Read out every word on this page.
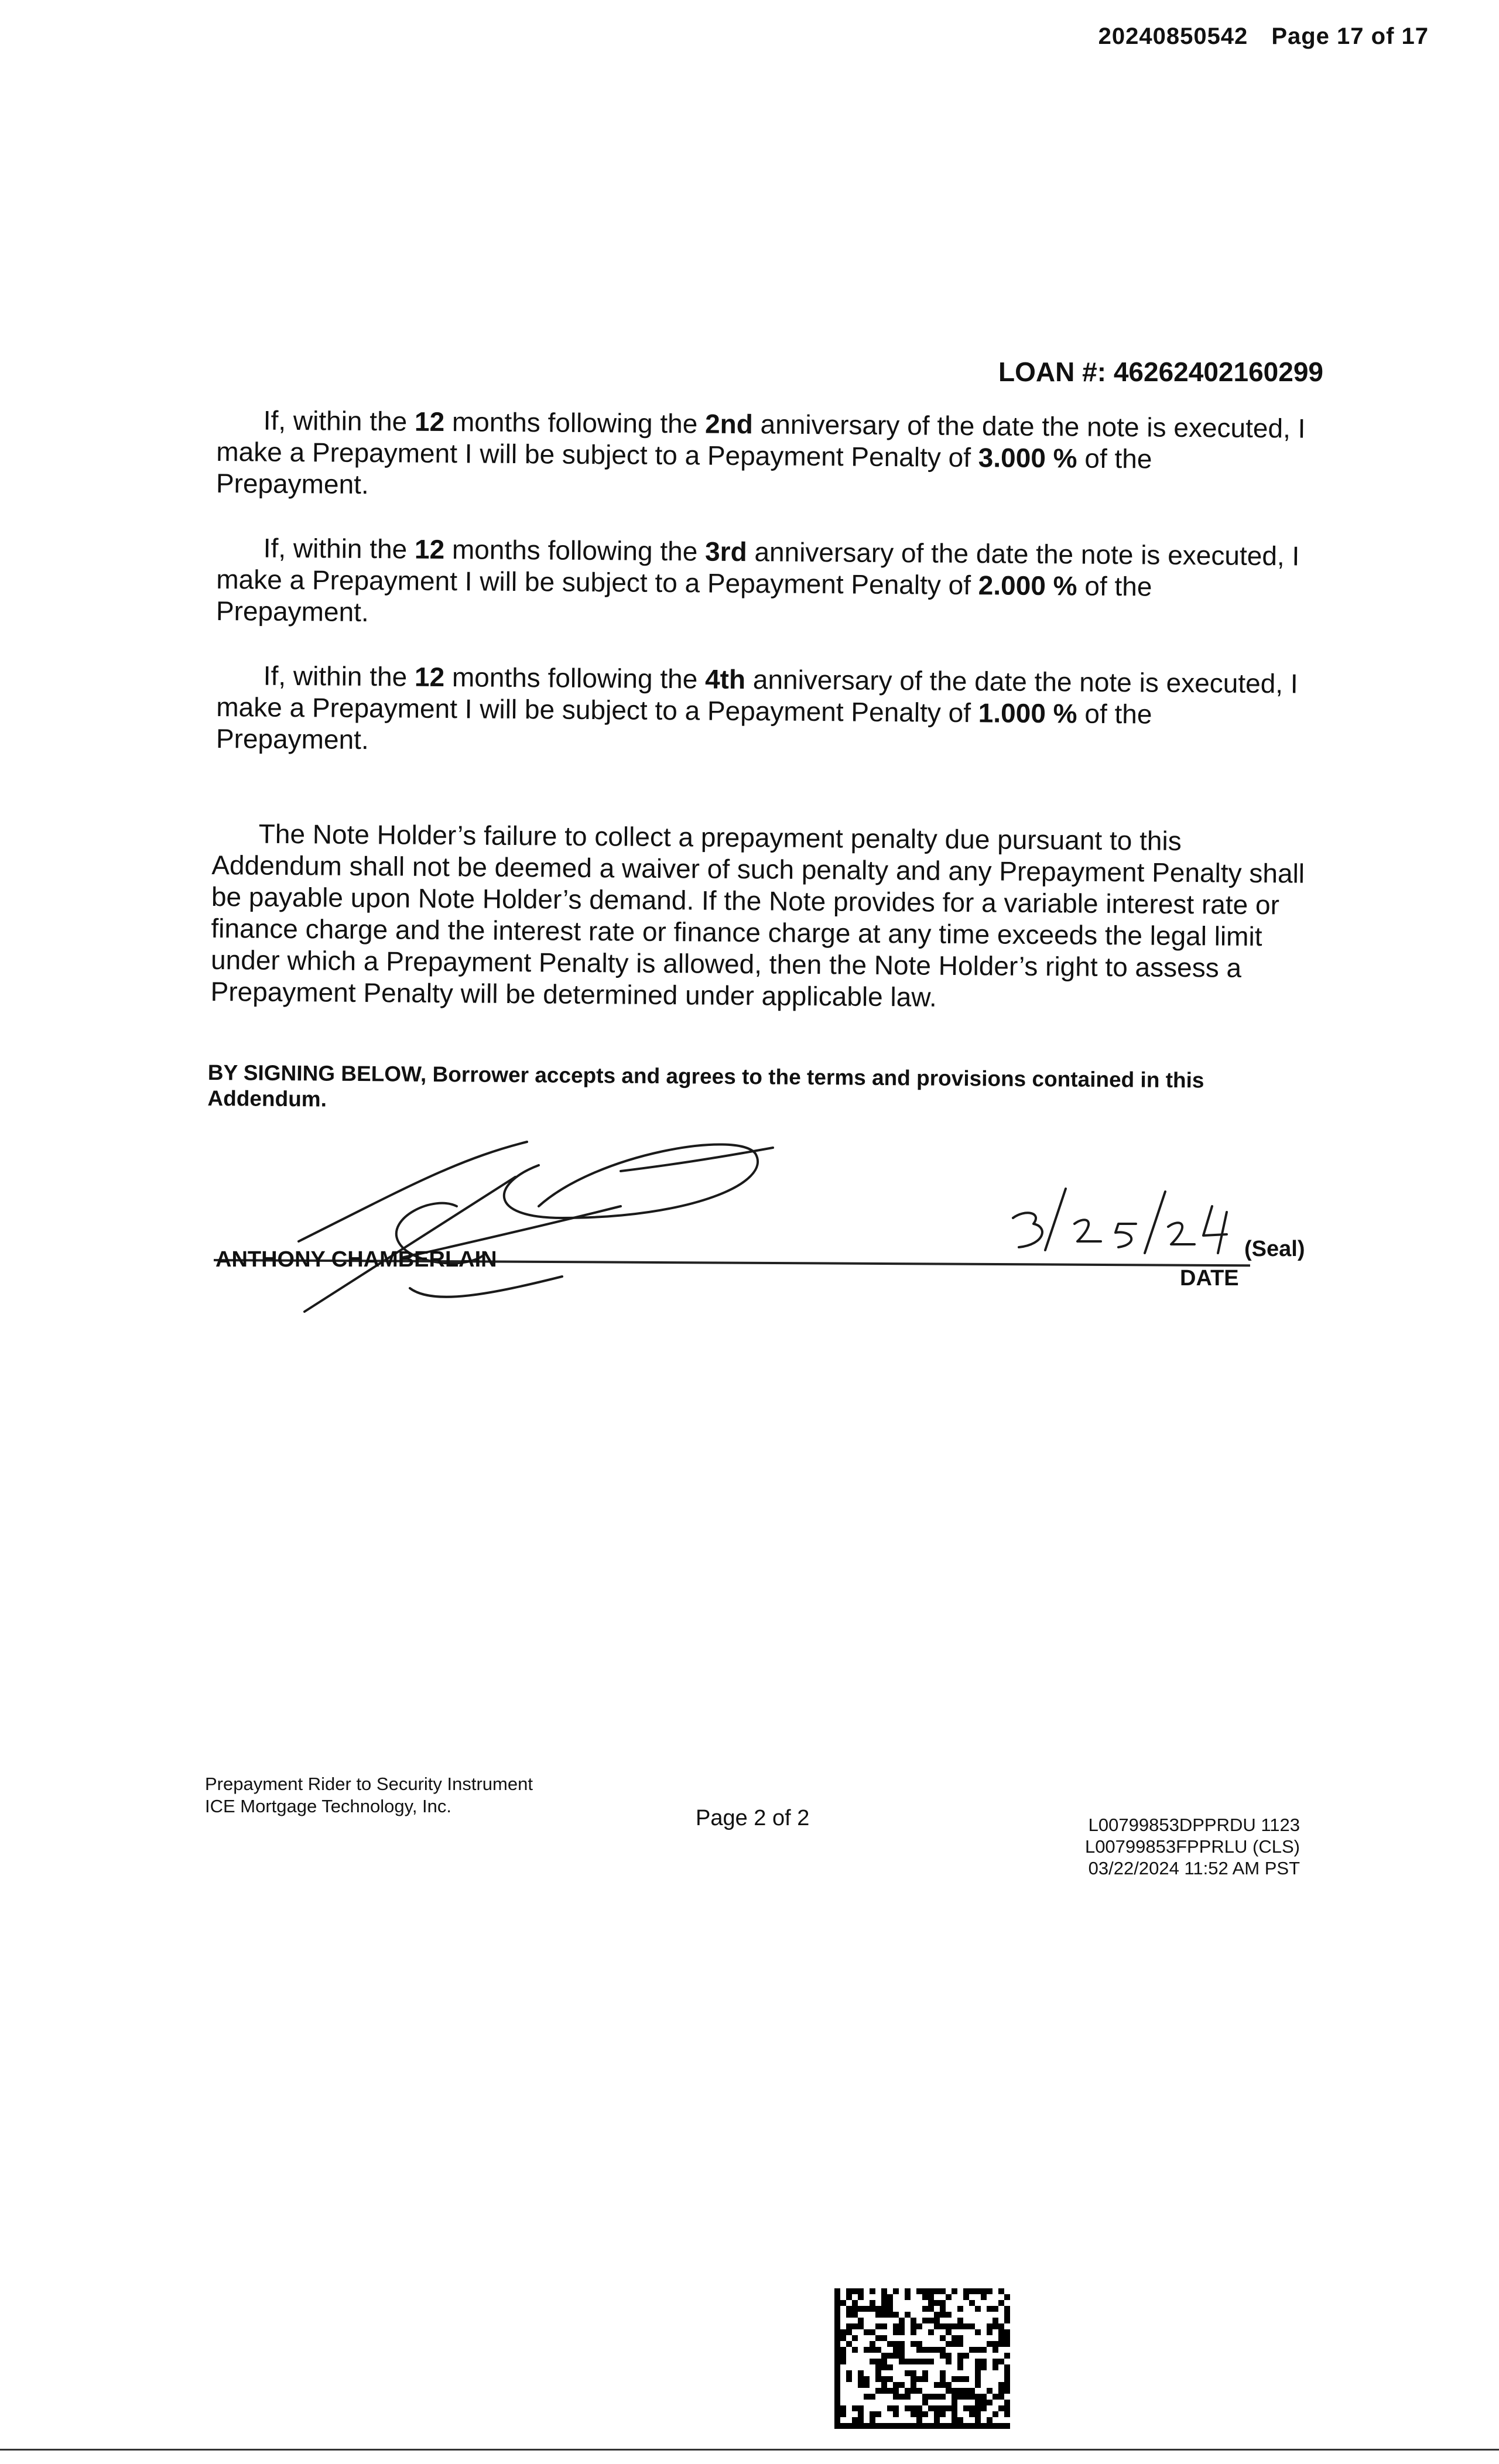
20240850542 Page 17 of 17
LOAN #: 46262402160299
If, within the 12 months following the 2nd anniversary of the date the note is executed, I make a Prepayment I will be subject to a Pepayment Penalty of 3.000 % of the Prepayment.
If, within the 12 months following the 3rd anniversary of the date the note is executed, I make a Prepayment I will be subject to a Pepayment Penalty of 2.000 % of the Prepayment.
If, within the 12 months following the 4th anniversary of the date the note is executed, I make a Prepayment I will be subject to a Pepayment Penalty of 1.000 % of the Prepayment.
The Note Holder’s failure to collect a prepayment penalty due pursuant to this Addendum shall not be deemed a waiver of such penalty and any Prepayment Penalty shall be payable upon Note Holder’s demand. If the Note provides for a variable interest rate or finance charge and the interest rate or finance charge at any time exceeds the legal limit under which a Prepayment Penalty is allowed, then the Note Holder’s right to assess a Prepayment Penalty will be determined under applicable law.
BY SIGNING BELOW, Borrower accepts and agrees to the terms and provisions contained in this Addendum.
ANTHONY CHAMBERLAIN	(Seal)
DATE
Prepayment Rider to Security Instrument
ICE Mortgage Technology, Inc.	Page 2 of 2	L00799853DPPRDU 1123
L00799853FPPRLU (CLS)
03/22/2024 11:52 AM PST
